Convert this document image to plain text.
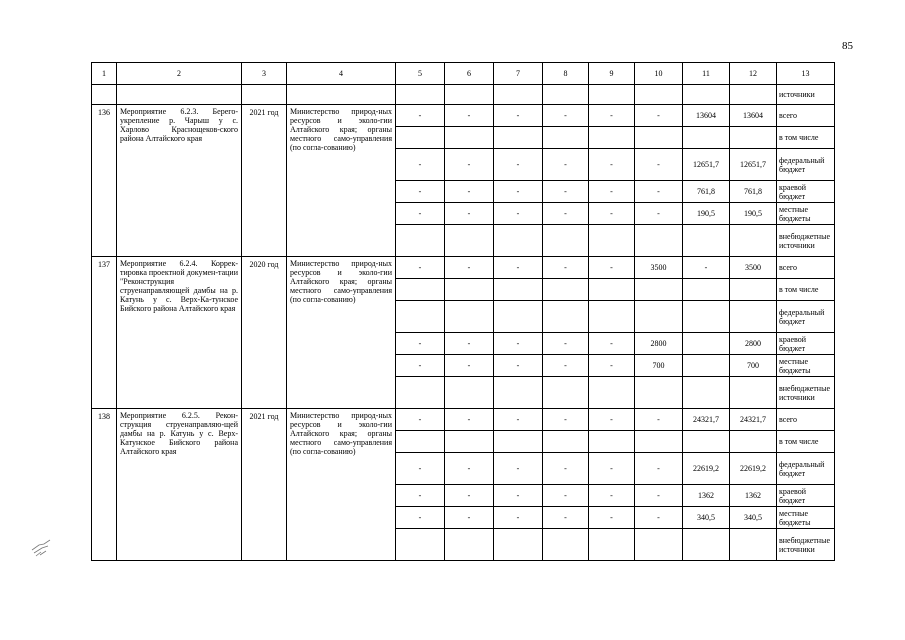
85
1	2	3	4	5	6	7	8	9	10	11	12	13
												источники
136	Мероприятие 6.2.3. Берего-укрепление р. Чарыш у с. Харлово Краснощеков-ского района Алтайского края	2021 год	Министерство природ-ных ресурсов и эколо-гии Алтайского края; органы местного само-управления (по согла-сованию)	-	-	-	-	-	-	13604	13604	всего
												в том числе
				-	-	-	-	-	-	12651,7	12651,7	федеральный бюджет
				-	-	-	-	-	-	761,8	761,8	краевой бюджет
				-	-	-	-	-	-	190,5	190,5	местные бюджеты
												внебюджетные источники
137	Мероприятие 6.2.4. Коррек-тировка проектной докумен-тации "Реконструкция струенаправляющей дамбы на р. Катунь у с. Верх-Ка-тунское Бийского района Алтайского края	2020 год	Министерство природ-ных ресурсов и эколо-гии Алтайского края; органы местного само-управления (по согла-сованию)	-	-	-	-	-	3500	-	3500	всего
												в том числе
												федеральный бюджет
				-	-	-	-	-	2800		2800	краевой бюджет
				-	-	-	-	-	700		700	местные бюджеты
												внебюджетные источники
138	Мероприятие 6.2.5. Рекон-струкция струенаправляю-щей дамбы на р. Катунь у с. Верх-Катунское Бийского района Алтайского края	2021 год	Министерство природ-ных ресурсов и эколо-гии Алтайского края; органы местного само-управления (по согла-сованию)	-	-	-	-	-	-	24321,7	24321,7	всего
												в том числе
				-	-	-	-	-	-	22619,2	22619,2	федеральный бюджет
				-	-	-	-	-	-	1362	1362	краевой бюджет
				-	-	-	-	-	-	340,5	340,5	местные бюджеты
												внебюджетные источники
